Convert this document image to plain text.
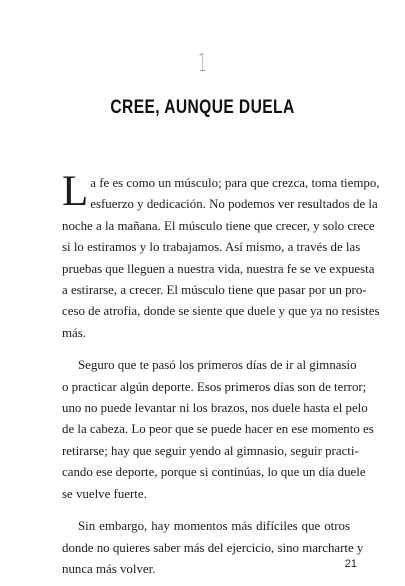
1
CREE, AUNQUE DUELA
L a fe es como un músculo; para que crezca, toma tiempo,
esfuerzo y dedicación. No podemos ver resultados de la
noche a la mañana. El músculo tiene que crecer, y solo crece
si lo estiramos y lo trabajamos. Así mismo, a través de las
pruebas que lleguen a nuestra vida, nuestra fe se ve expuesta
a estirarse, a crecer. El músculo tiene que pasar por un pro-
ceso de atrofia, donde se siente que duele y que ya no resistes
más.
Seguro que te pasó los primeros días de ir al gimnasio
o practicar algún deporte. Esos primeros días son de terror;
uno no puede levantar ni los brazos, nos duele hasta el pelo
de la cabeza. Lo peor que se puede hacer en ese momento es
retirarse; hay que seguir yendo al gimnasio, seguir practi-
cando ese deporte, porque si continúas, lo que un día duele
se vuelve fuerte.
Sin embargo, hay momentos más difíciles que otros
donde no quieres saber más del ejercicio, sino marcharte y
nunca más volver.	21
